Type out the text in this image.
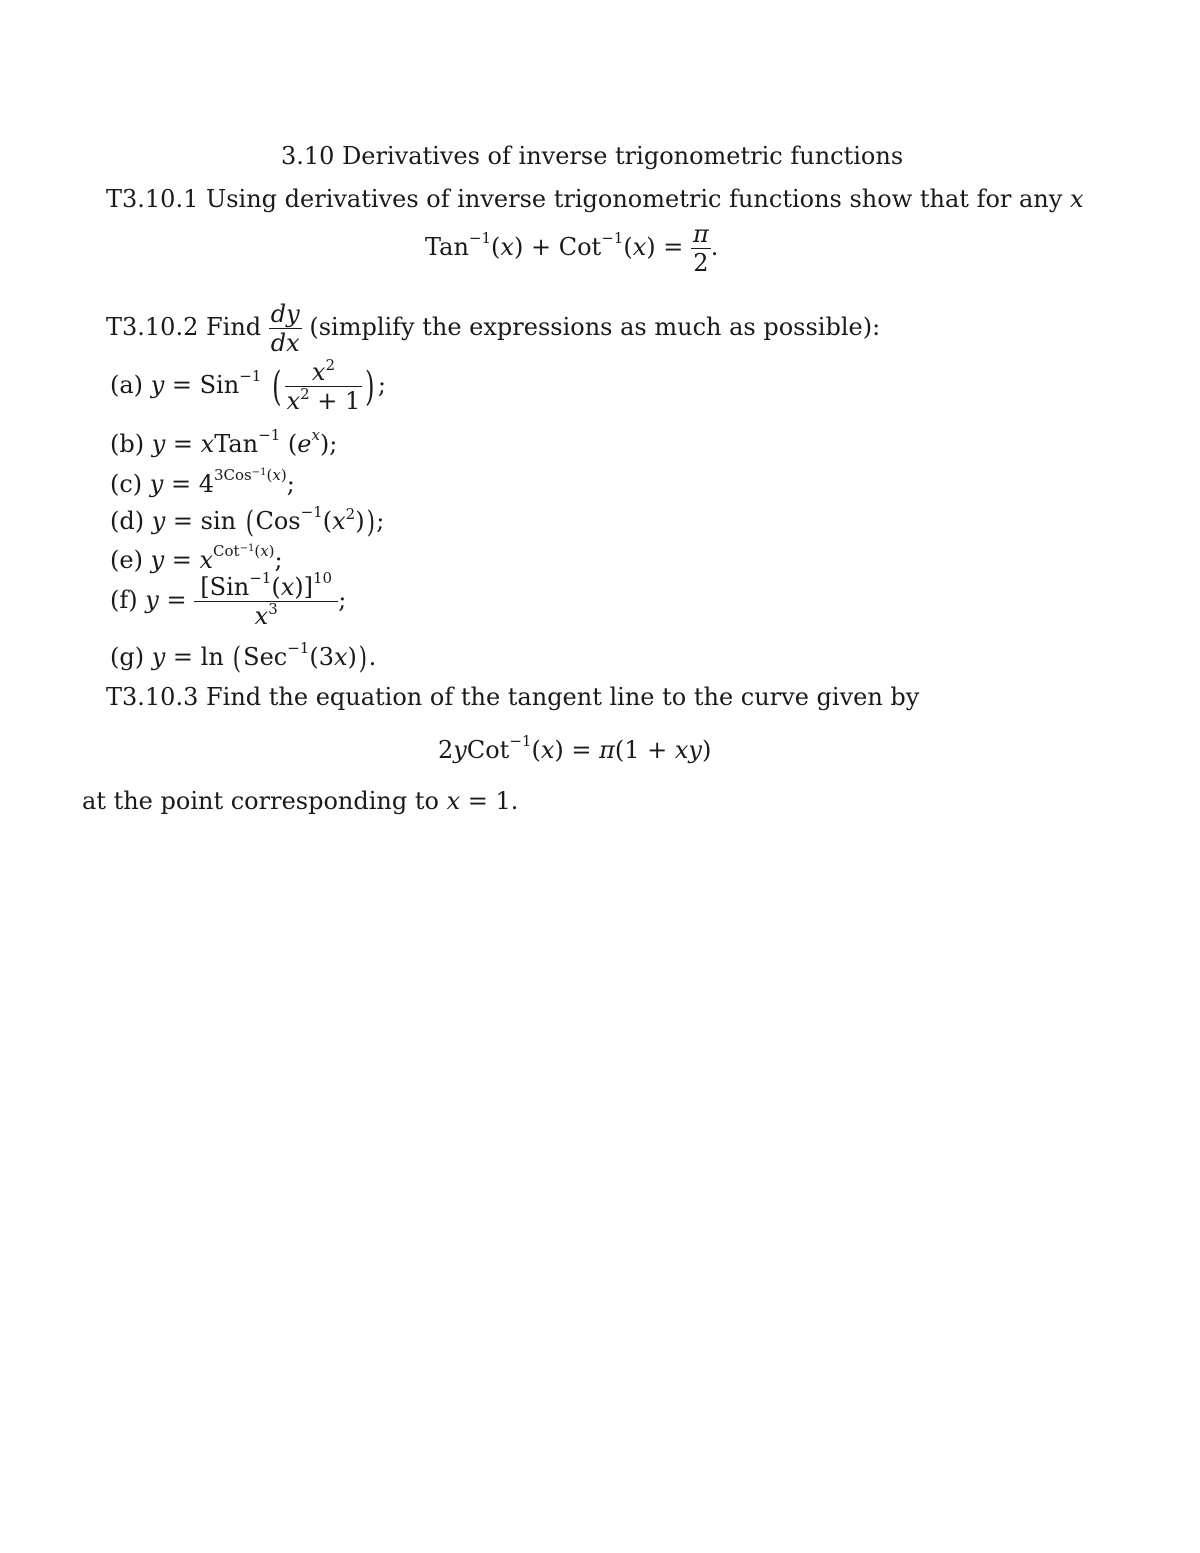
3.10 Derivatives of inverse trigonometric functions
T3.10.1 Using derivatives of inverse trigonometric functions show that for any x
$Tan^{-1}(x) + Cot^{-1}(x) = \frac{\pi}{2}$ .
T3.10.2 Find $\frac{dy}{dx}$ (simplify the expressions as much as possible):
(a) y = Sin$^{-1}$ ( $\frac{x^2}{x^2 + 1}$ ) ;
(b) y = xTan$^{-1}$ $(e^x)$;
(c) $y = 4^{3Cos^{-1}(x)}$;
(d) $y = \sin (Cos^{-1}(x^2))$;
(e) $y = x^{Cot^{-1}(x)}$;
(f) $y = \frac{[Sin^{-1}(x)]^{10}}{x^3}$ ;
(g) y = ln (Sec$^{-1}$(3x)).
T3.10.3 Find the equation of the tangent line to the curve given by
2yCot$^{-1}$(x) = π(1 + xy)
at the point corresponding to x = 1.
